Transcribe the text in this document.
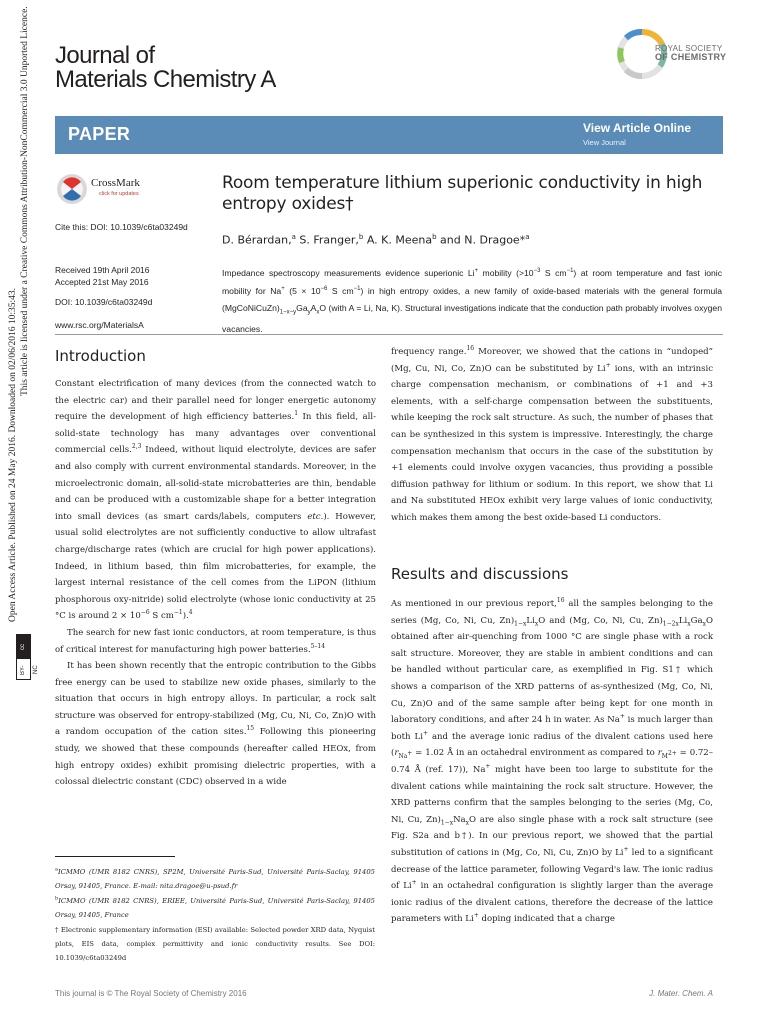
Journal of
Materials Chemistry A
ROYAL SOCIETY
OF CHEMISTRY
PAPER	View Article Online
View Journal
Open Access Article. Published on 24 May 2016. Downloaded on 02/06/2016 10:35:43.
This article is licensed under a Creative Commons Attribution-NonCommercial 3.0 Unported Licence.
cc
BY-NC
CrossMark
click for updates
Cite this: DOI: 10.1039/c6ta03249d
Received 19th April 2016
Accepted 21st May 2016
DOI: 10.1039/c6ta03249d
www.rsc.org/MaterialsA
Room temperature lithium superionic conductivity in high entropy oxides†
D. Bérardan,$^a$ S. Franger,$^b$ A. K. Meena$^b$ and N. Dragoe*$^a$
Impedance spectroscopy measurements evidence superionic Li+ mobility ($>10^{-3}$ S $cm^{-1}$) at room temperature and fast ionic mobility for Na+ ($5 \times 10^{-6}$ S $cm^{-1}$) in high entropy oxides, a new family of oxide-based materials with the general formula $(MgCoNiCuZn)_{1-x-y}Ga_yA_xO$ (with A = Li, Na, K). Structural investigations indicate that the conduction path probably involves oxygen vacancies.
Introduction

Constant electrification of many devices (from the connected watch to the electric car) and their parallel need for longer energetic autonomy require the development of high efficiency batteries.$^1$ In this field, all-solid-state technology has many advantages over conventional commercial cells.$^{2,3}$ Indeed, without liquid electrolyte, devices are safer and also comply with current environmental standards. Moreover, in the microelectronic domain, all-solid-state microbatteries are thin, bendable and can be produced with a customizable shape for a better integration into small devices (as smart cards/labels, computers etc.). However, usual solid electrolytes are not sufficiently conductive to allow ultrafast charge/discharge rates (which are crucial for high power applications). Indeed, in lithium based, thin film microbatteries, for example, the largest internal resistance of the cell comes from the LiPON (lithium phosphorous oxy-nitride) solid electrolyte (whose ionic conductivity at 25 °C is around $2 \times 10^{-6}$ S $cm^{-1}).^4$

The search for new fast ionic conductors, at room temperature, is thus of critical interest for manufacturing high power batteries.$^{5-14}$

It has been shown recently that the entropic contribution to the Gibbs free energy can be used to stabilize new oxide phases, similarly to the situation that occurs in high entropy alloys. In particular, a rock salt structure was observed for entropy-stabilized (Mg, Cu, Ni, Co, Zn)O with a random occupation of the cation sites.$^{15}$ Following this pioneering study, we showed that these compounds (hereafter called HEOx, from high entropy oxides) exhibit promising dielectric properties, with a colossal dielectric constant (CDC) observed in a wide

$^a$ICMMO (UMR 8182 CNRS), SP2M, Université Paris-Sud, Université Paris-Saclay, 91405 Orsay, 91405, France. E-mail: nita.dragoe@u-psud.fr

$^b$ICMMO (UMR 8182 CNRS), ERIEE, Université Paris-Sud, Université Paris-Saclay, 91405 Orsay, 91405, France

† Electronic supplementary information (ESI) available: Selected powder XRD data, Nyquist plots, EIS data, complex permittivity and ionic conductivity results. See DOI: 10.1039/c6ta03249d

frequency range.$^{16}$ Moreover, we showed that the cations in “undoped” (Mg, Cu, Ni, Co, Zn)O can be substituted by Li+ ions, with an intrinsic charge compensation mechanism, or combinations of +1 and +3 elements, with a self-charge compensation between the substituents, while keeping the rock salt structure. As such, the number of phases that can be synthesized in this system is impressive. Interestingly, the charge compensation mechanism that occurs in the case of the substitution by +1 elements could involve oxygen vacancies, thus providing a possible diffusion pathway for lithium or sodium. In this report, we show that Li and Na substituted HEOx exhibit very large values of ionic conductivity, which makes them among the best oxide-based Li conductors.

Results and discussions

As mentioned in our previous report,$^{16}$ all the samples belonging to the series (Mg, Co, Ni, Cu, $Zn)_{1-x}Li_xO$ and (Mg, Co, Ni, Cu, $Zn)_{1-2x}Li_xGa_xO$ obtained after air-quenching from 1000 °C are single phase with a rock salt structure. Moreover, they are stable in ambient conditions and can be handled without particular care, as exemplified in Fig. S1† which shows a comparison of the XRD patterns of as-synthesized (Mg, Co, Ni, Cu, Zn)O and of the same sample after being kept for one month in laboratory conditions, and after 24 h in water. As Na+ is much larger than both Li+ and the average ionic radius of the divalent cations used here ($r_{Na^+} = 1.02$ Å in an octahedral environment as compared to $r_{M^{2+}} = 0.72-0.74$ Å (ref. 17)), Na+ might have been too large to substitute for the divalent cations while maintaining the rock salt structure. However, the XRD patterns confirm that the samples belonging to the series (Mg, Co, Ni, Cu, $Zn)_{1-x}Na_xO$ are also single phase with a rock salt structure (see Fig. S2a and b†). In our previous report, we showed that the partial substitution of cations in (Mg, Co, Ni, Cu, Zn)O by Li+ led to a significant decrease of the lattice parameter, following Vegard's law. The ionic radius of Li+ in an octahedral configuration is slightly larger than the average ionic radius of the divalent cations, therefore the decrease of the lattice parameters with Li+ doping indicated that a charge

This journal is © The Royal Society of Chemistry 2016	J. Mater. Chem. A
